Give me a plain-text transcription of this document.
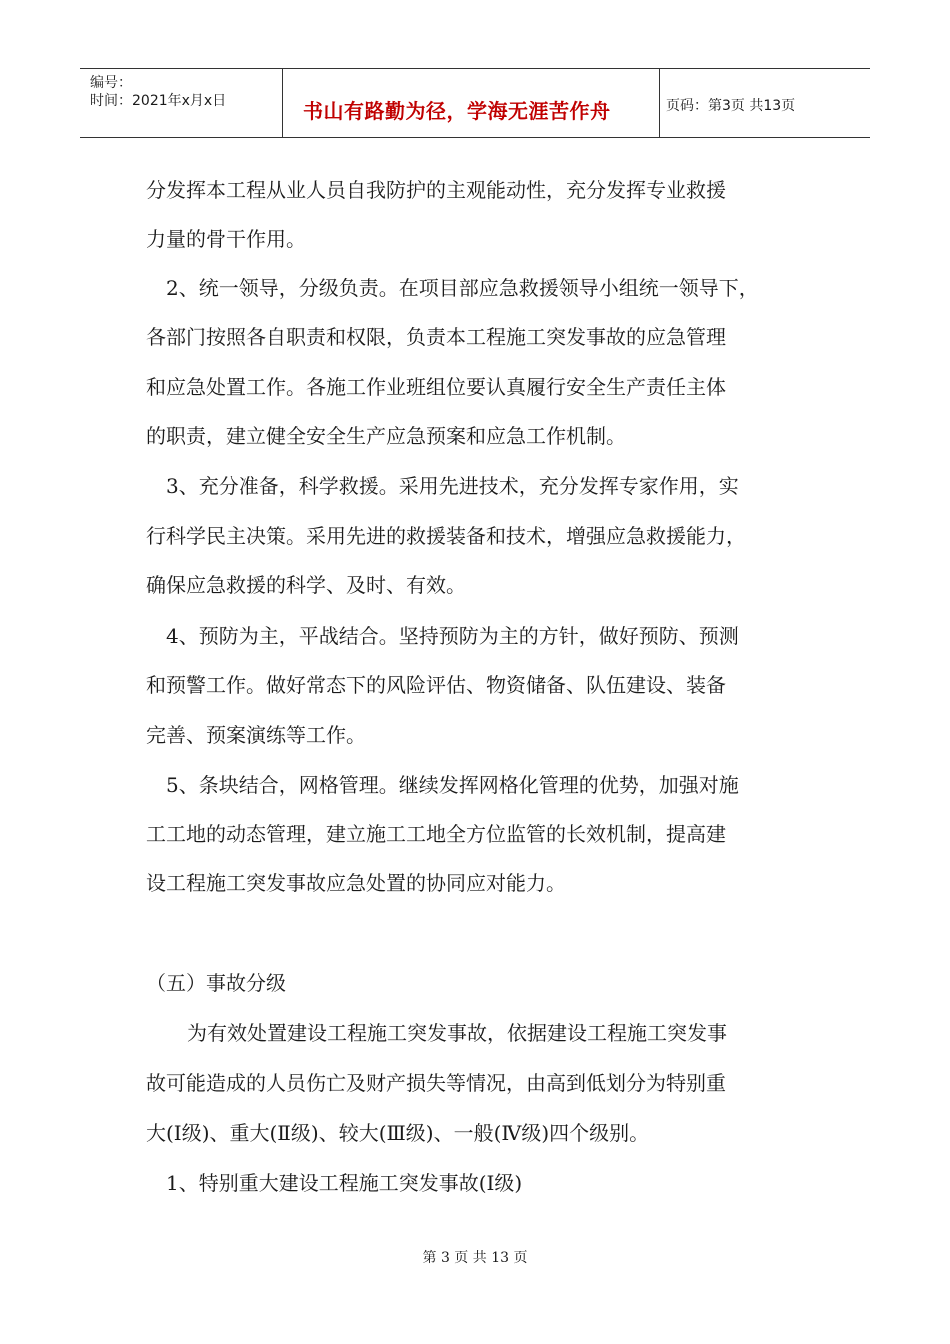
编号：
时间：2021年x月x日	书山有路勤为径，学海无涯苦作舟	页码：第3页 共13页
分发挥本工程从业人员自我防护的主观能动性，充分发挥专业救援
力量的骨干作用。
2、统一领导，分级负责。在项目部应急救援领导小组统一领导下，
各部门按照各自职责和权限，负责本工程施工突发事故的应急管理
和应急处置工作。各施工作业班组位要认真履行安全生产责任主体
的职责，建立健全安全生产应急预案和应急工作机制。
3、充分准备，科学救援。采用先进技术，充分发挥专家作用，实
行科学民主决策。采用先进的救援装备和技术，增强应急救援能力，
确保应急救援的科学、及时、有效。
4、预防为主，平战结合。坚持预防为主的方针，做好预防、预测
和预警工作。做好常态下的风险评估、物资储备、队伍建设、装备
完善、预案演练等工作。
5、条块结合，网格管理。继续发挥网格化管理的优势，加强对施
工工地的动态管理，建立施工工地全方位监管的长效机制，提高建
设工程施工突发事故应急处置的协同应对能力。
（五）事故分级
为有效处置建设工程施工突发事故，依据建设工程施工突发事
故可能造成的人员伤亡及财产损失等情况，由高到低划分为特别重
大(Ⅰ级)、重大(Ⅱ级)、较大(Ⅲ级)、一般(Ⅳ级)四个级别。
1、特别重大建设工程施工突发事故(Ⅰ级)
第 3 页 共 13 页
